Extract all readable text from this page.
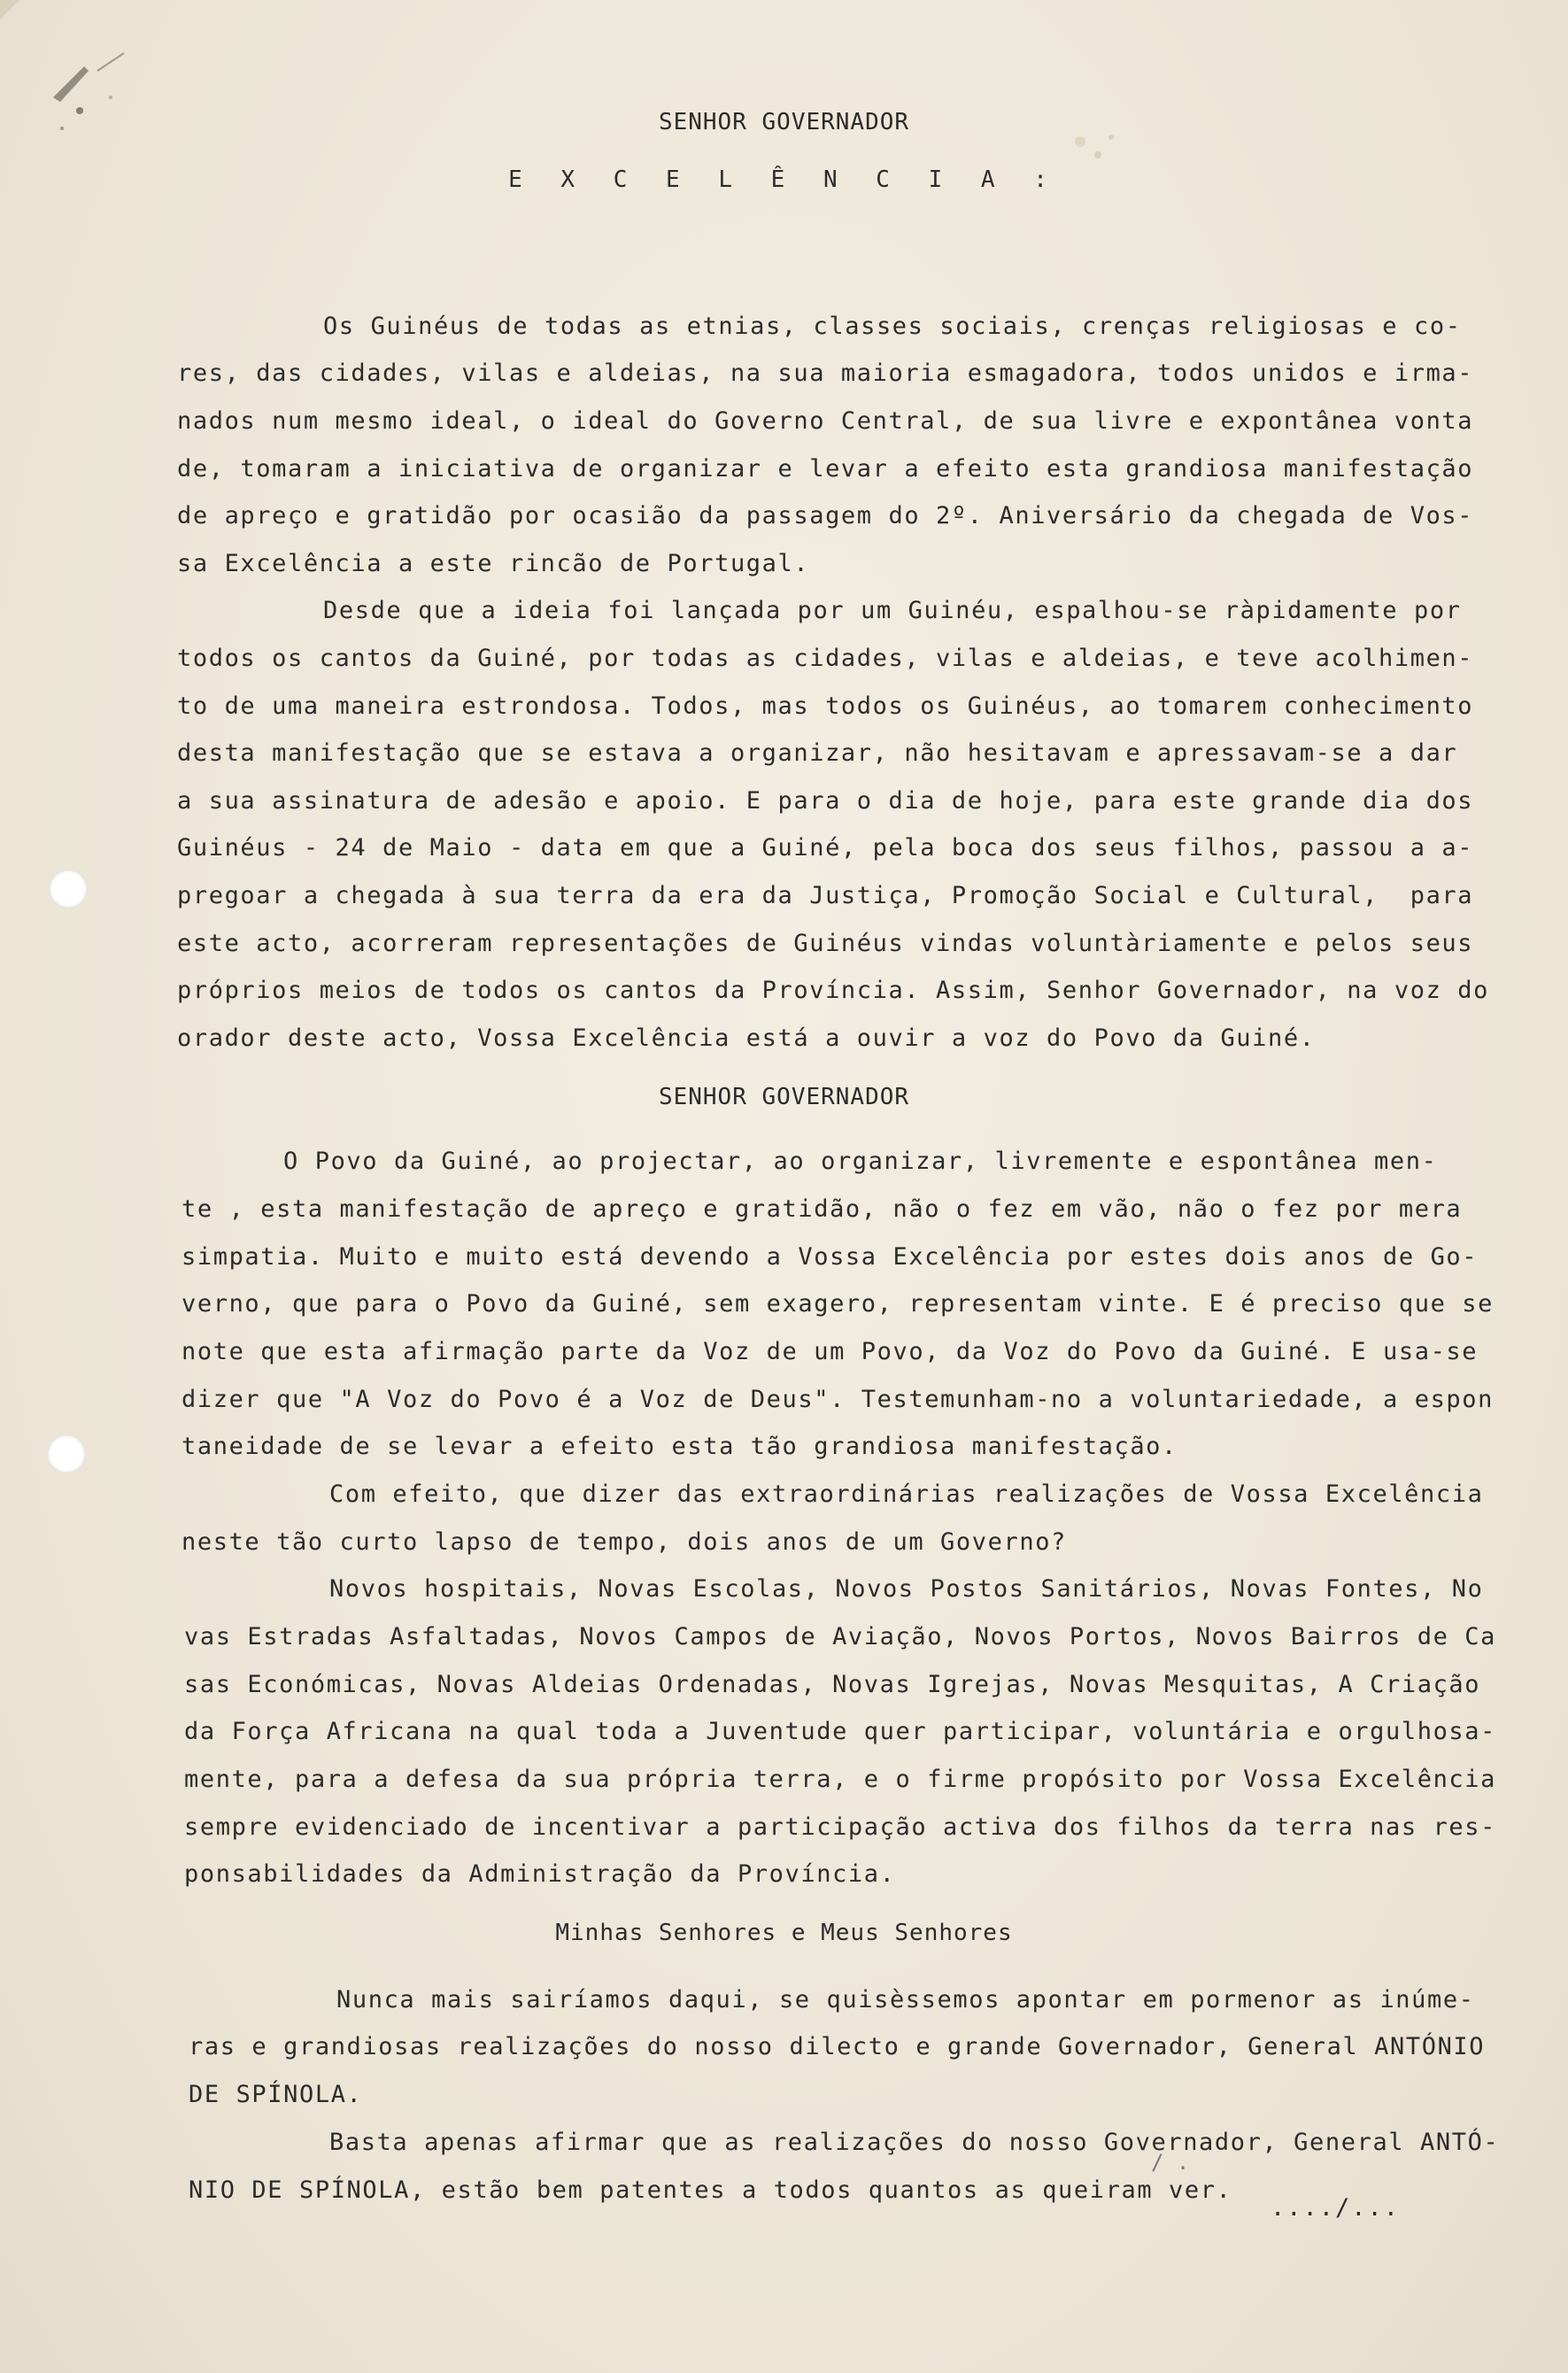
SENHOR GOVERNADOR
E X C E L Ê N C I A :
Os Guinéus de todas as etnias, classes sociais, crenças religiosas e co-
res, das cidades, vilas e aldeias, na sua maioria esmagadora, todos unidos e irma-
nados num mesmo ideal, o ideal do Governo Central, de sua livre e expontânea vonta
de, tomaram a iniciativa de organizar e levar a efeito esta grandiosa manifestação
de apreço e gratidão por ocasião da passagem do 2º. Aniversário da chegada de Vos-
sa Excelência a este rincão de Portugal.
Desde que a ideia foi lançada por um Guinéu, espalhou-se ràpidamente por
todos os cantos da Guiné, por todas as cidades, vilas e aldeias, e teve acolhimen-
to de uma maneira estrondosa. Todos, mas todos os Guinéus, ao tomarem conhecimento
desta manifestação que se estava a organizar, não hesitavam e apressavam-se a dar
a sua assinatura de adesão e apoio. E para o dia de hoje, para este grande dia dos
Guinéus - 24 de Maio - data em que a Guiné, pela boca dos seus filhos, passou a a-
pregoar a chegada à sua terra da era da Justiça, Promoção Social e Cultural,  para
este acto, acorreram representações de Guinéus vindas voluntàriamente e pelos seus
próprios meios de todos os cantos da Província. Assim, Senhor Governador, na voz do
orador deste acto, Vossa Excelência está a ouvir a voz do Povo da Guiné.
SENHOR GOVERNADOR
O Povo da Guiné, ao projectar, ao organizar, livremente e espontânea men-
te , esta manifestação de apreço e gratidão, não o fez em vão, não o fez por mera
simpatia. Muito e muito está devendo a Vossa Excelência por estes dois anos de Go-
verno, que para o Povo da Guiné, sem exagero, representam vinte. E é preciso que se
note que esta afirmação parte da Voz de um Povo, da Voz do Povo da Guiné. E usa-se
dizer que "A Voz do Povo é a Voz de Deus". Testemunham-no a voluntariedade, a espon
taneidade de se levar a efeito esta tão grandiosa manifestação.
Com efeito, que dizer das extraordinárias realizações de Vossa Excelência
neste tão curto lapso de tempo, dois anos de um Governo?
Novos hospitais, Novas Escolas, Novos Postos Sanitários, Novas Fontes, No
vas Estradas Asfaltadas, Novos Campos de Aviação, Novos Portos, Novos Bairros de Ca
sas Económicas, Novas Aldeias Ordenadas, Novas Igrejas, Novas Mesquitas, A Criação
da Força Africana na qual toda a Juventude quer participar, voluntária e orgulhosa-
mente, para a defesa da sua própria terra, e o firme propósito por Vossa Excelência
sempre evidenciado de incentivar a participação activa dos filhos da terra nas res-
ponsabilidades da Administração da Província.
Minhas Senhores e Meus Senhores
Nunca mais sairíamos daqui, se quisèssemos apontar em pormenor as inúme-
ras e grandiosas realizações do nosso dilecto e grande Governador, General ANTÓNIO
DE SPÍNOLA.
Basta apenas afirmar que as realizações do nosso Governador, General ANTÓ-
NIO DE SPÍNOLA, estão bem patentes a todos quantos as queiram ver.
/ .
..../...
